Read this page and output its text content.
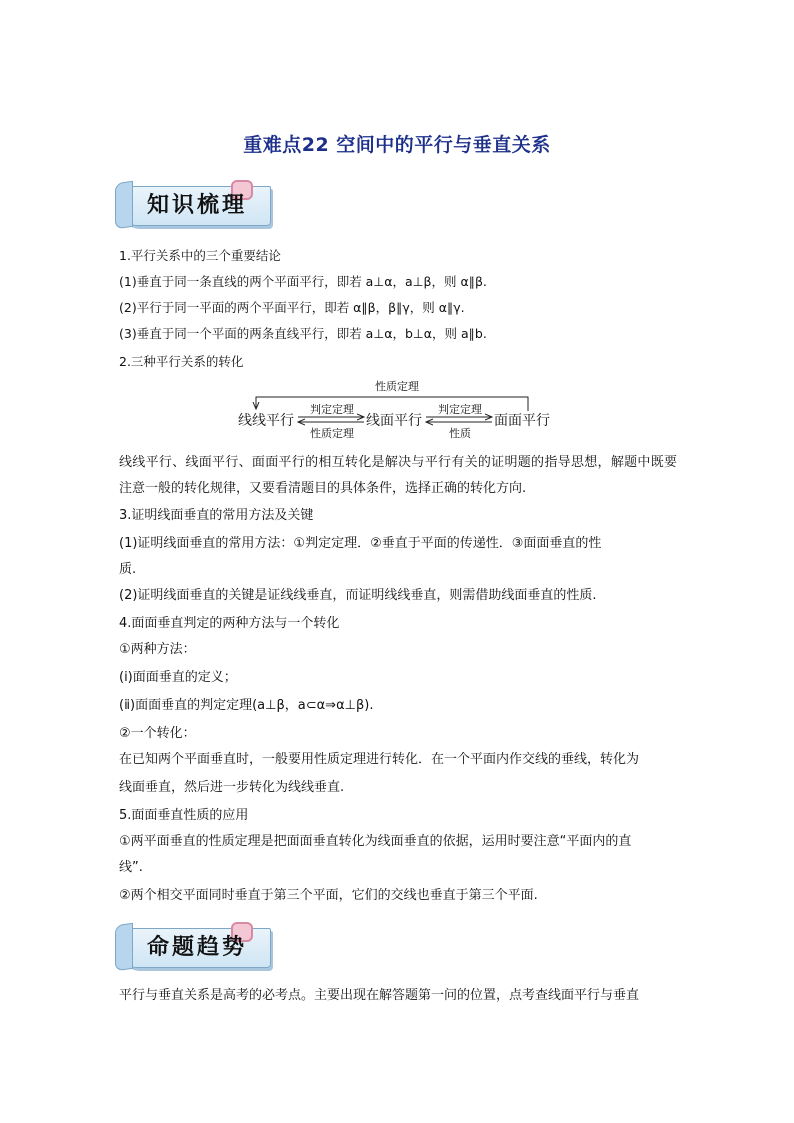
重难点22 空间中的平行与垂直关系
知识梳理
1.平行关系中的三个重要结论
(1)垂直于同一条直线的两个平面平行，即若 a⊥α，a⊥β，则 α∥β.
(2)平行于同一平面的两个平面平行，即若 α∥β，β∥γ，则 α∥γ.
(3)垂直于同一个平面的两条直线平行，即若 a⊥α，b⊥α，则 a∥b.
2.三种平行关系的转化
性质定理
线线平行	线面平行	面面平行
判定定理
性质定理
判定定理
性质
线线平行、线面平行、面面平行的相互转化是解决与平行有关的证明题的指导思想，解题中既要注意一般的转化规律，又要看清题目的具体条件，选择正确的转化方向.
3.证明线面垂直的常用方法及关键
(1)证明线面垂直的常用方法：①判定定理．②垂直于平面的传递性．③面面垂直的性
质.
(2)证明线面垂直的关键是证线线垂直，而证明线线垂直，则需借助线面垂直的性质.
4.面面垂直判定的两种方法与一个转化
①两种方法：
(ⅰ)面面垂直的定义；
(ⅱ)面面垂直的判定定理(a⊥β，a⊂α⇒α⊥β).
②一个转化：
在已知两个平面垂直时，一般要用性质定理进行转化．在一个平面内作交线的垂线，转化为
线面垂直，然后进一步转化为线线垂直.
5.面面垂直性质的应用
①两平面垂直的性质定理是把面面垂直转化为线面垂直的依据，运用时要注意“平面内的直
线”.
②两个相交平面同时垂直于第三个平面，它们的交线也垂直于第三个平面.
命题趋势
平行与垂直关系是高考的必考点。主要出现在解答题第一问的位置，点考查线面平行与垂直
